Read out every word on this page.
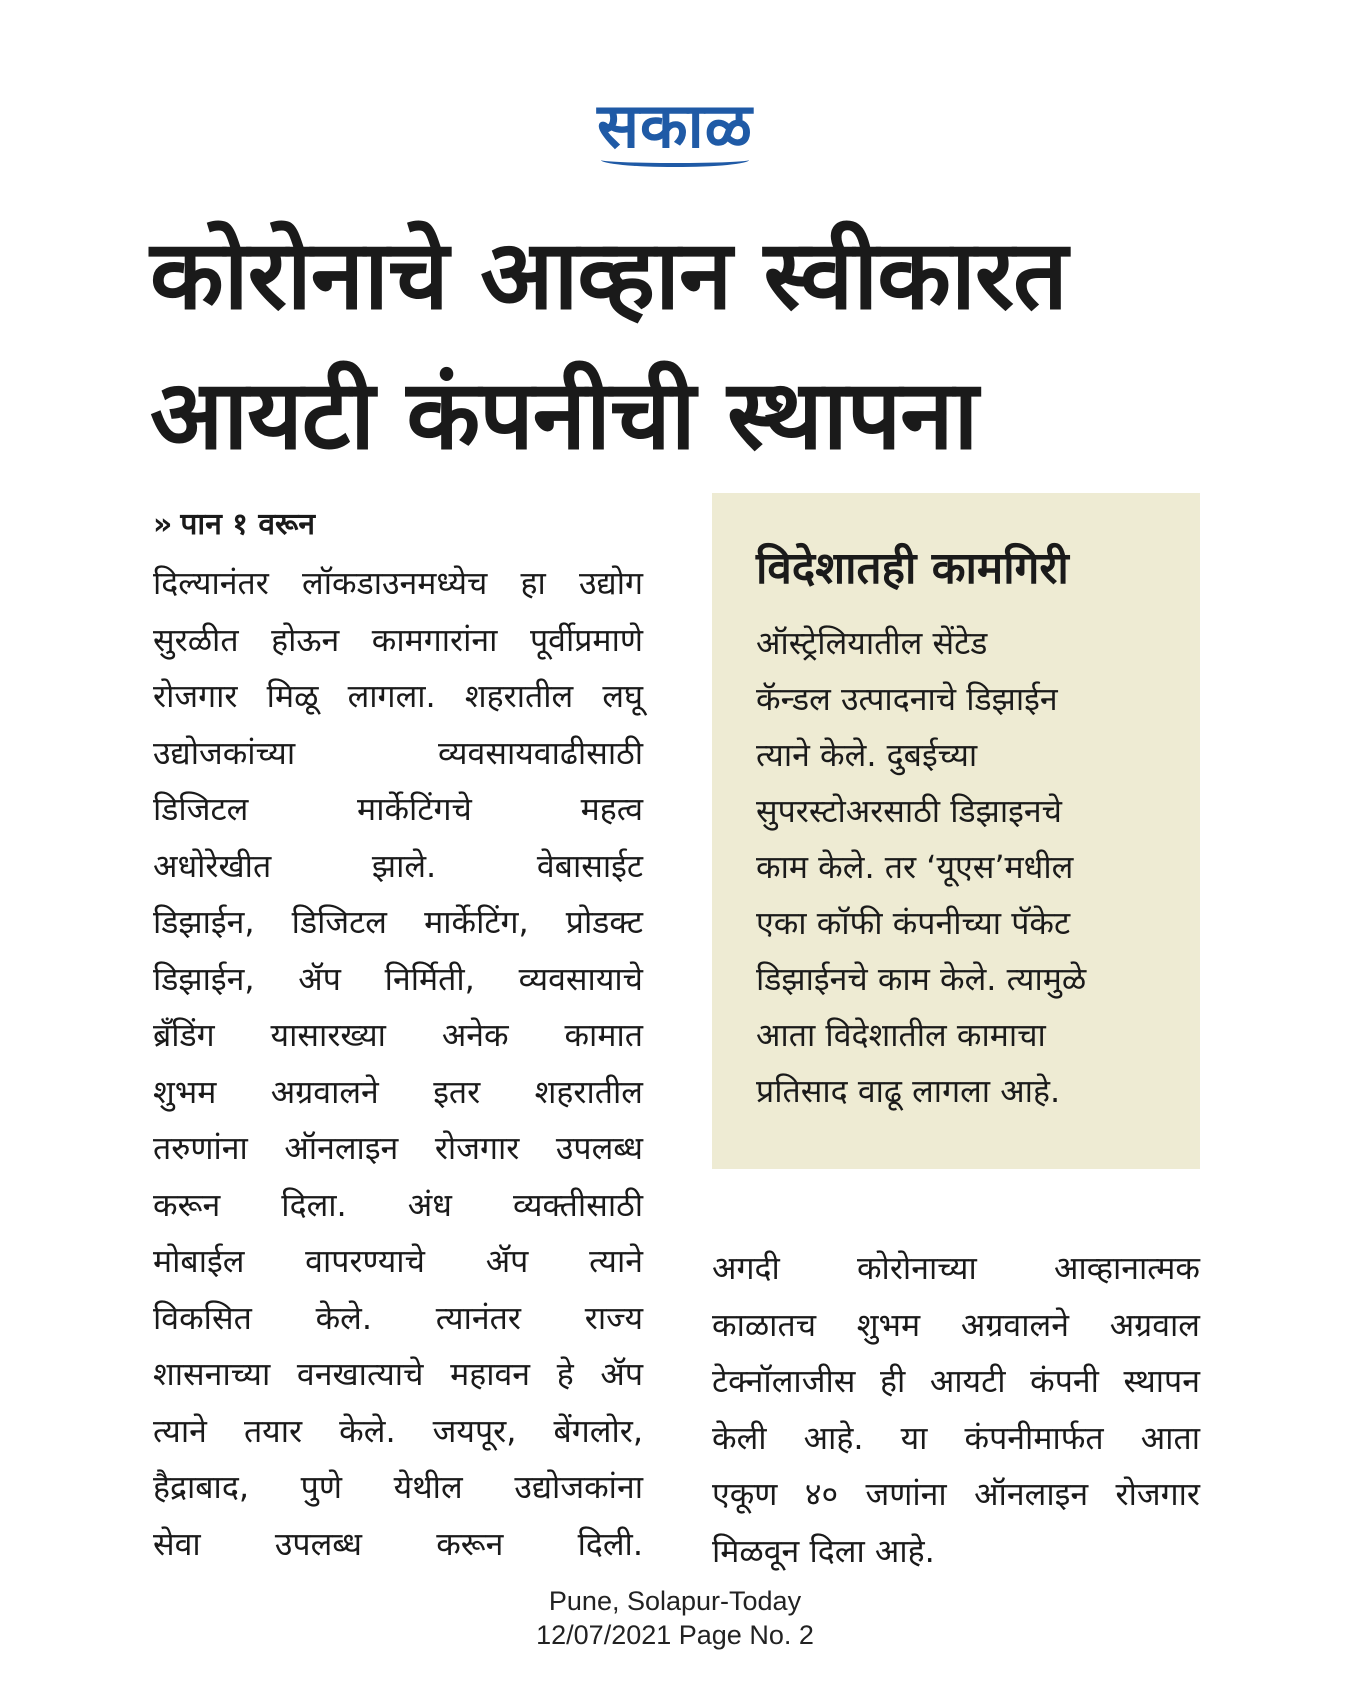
सकाळ
कोरोनाचे आव्हान स्वीकारत
आयटी कंपनीची स्थापना

» पान १ वरून

दिल्यानंतर लॉकडाउनमध्येच हा उद्योग
सुरळीत होऊन कामगारांना पूर्वीप्रमाणे
रोजगार मिळू लागला. शहरातील लघू
उद्योजकांच्या व्यवसायवाढीसाठी
डिजिटल मार्केटिंगचे महत्व
अधोरेखीत झाले. वेबासाईट
डिझाईन, डिजिटल मार्केटिंग, प्रोडक्ट
डिझाईन, ॲप निर्मिती, व्यवसायाचे
ब्रँडिंग यासारख्या अनेक कामात
शुभम अग्रवालने इतर शहरातील
तरुणांना ऑनलाइन रोजगार उपलब्ध
करून दिला. अंध व्यक्तीसाठी
मोबाईल वापरण्याचे ॲप त्याने
विकसित केले. त्यानंतर राज्य
शासनाच्या वनखात्याचे महावन हे ॲप
त्याने तयार केले. जयपूर, बेंगलोर,
हैद्राबाद, पुणे येथील उद्योजकांना
सेवा उपलब्ध करून दिली.

विदेशातही कामगिरी

ऑस्ट्रेलियातील सेंटेड
कॅन्डल उत्पादनाचे डिझाईन
त्याने केले. दुबईच्या
सुपरस्टोअरसाठी डिझाइनचे
काम केले. तर ‘यूएस’मधील
एका कॉफी कंपनीच्या पॅकेट
डिझाईनचे काम केले. त्यामुळे
आता विदेशातील कामाचा
प्रतिसाद वाढू लागला आहे.

अगदी कोरोनाच्या आव्हानात्मक
काळातच शुभम अग्रवालने अग्रवाल
टेक्नॉलाजीस ही आयटी कंपनी स्थापन
केली आहे. या कंपनीमार्फत आता
एकूण ४० जणांना ऑनलाइन रोजगार
मिळवून दिला आहे.

Pune, Solapur-Today
12/07/2021 Page No. 2
